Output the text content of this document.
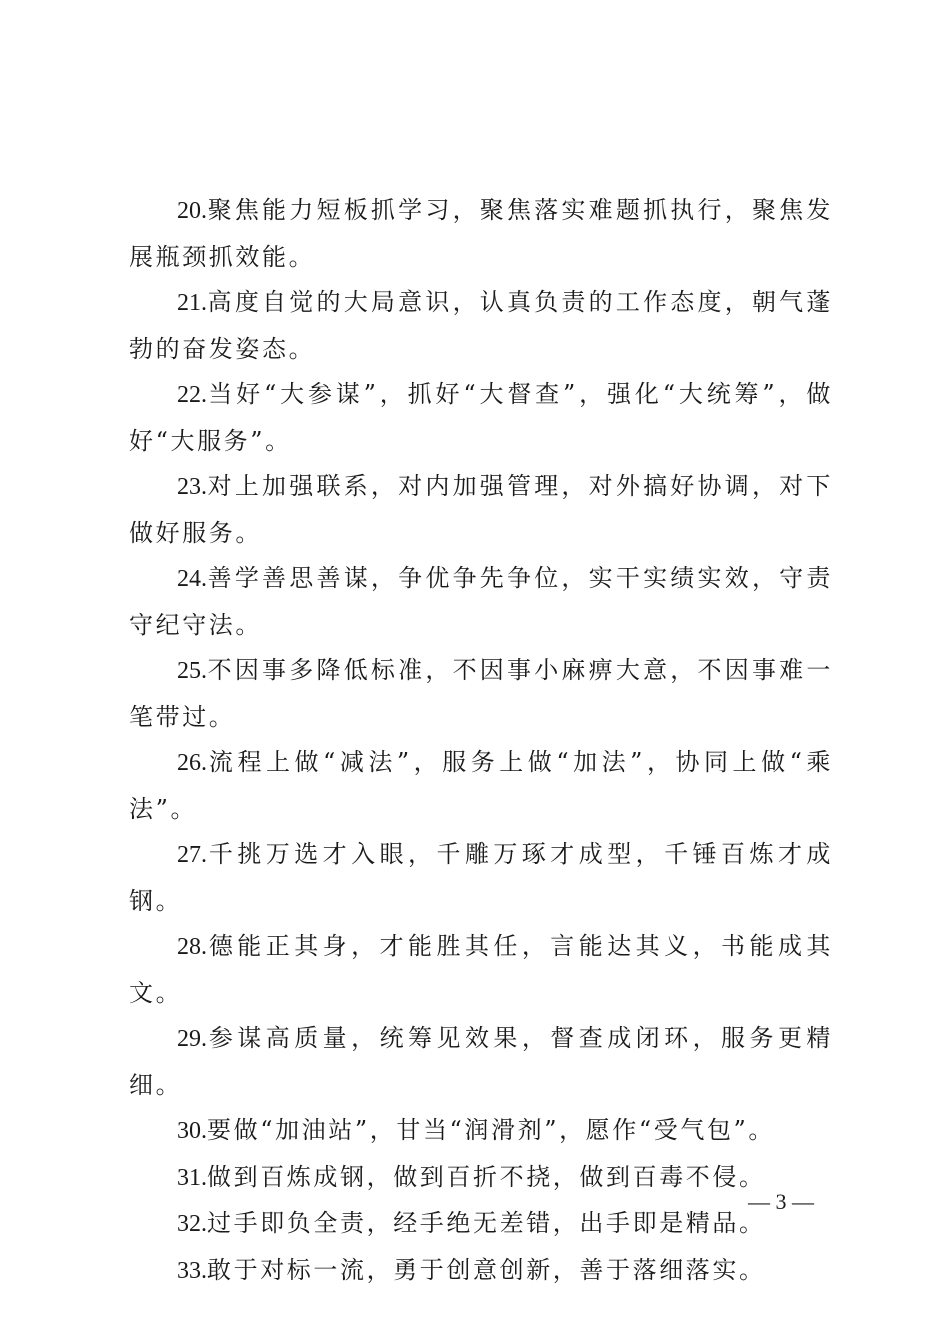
20.聚焦能力短板抓学习，聚焦落实难题抓执行，聚焦发展瓶颈抓效能。

21.高度自觉的大局意识，认真负责的工作态度，朝气蓬勃的奋发姿态。

22.当好“大参谋”，抓好“大督查”，强化“大统筹”，做好“大服务”。

23.对上加强联系，对内加强管理，对外搞好协调，对下做好服务。

24.善学善思善谋，争优争先争位，实干实绩实效，守责守纪守法。

25.不因事多降低标准，不因事小麻痹大意，不因事难一笔带过。

26.流程上做“减法”，服务上做“加法”，协同上做“乘法”。

27.千挑万选才入眼，千雕万琢才成型，千锤百炼才成钢。

28.德能正其身，才能胜其任，言能达其义，书能成其文。

29.参谋高质量，统筹见效果，督查成闭环，服务更精细。

30.要做“加油站”，甘当“润滑剂”，愿作“受气包”。

31.做到百炼成钢，做到百折不挠，做到百毒不侵。

32.过手即负全责，经手绝无差错，出手即是精品。

33.敢于对标一流，勇于创意创新，善于落细落实。

— 3 —
